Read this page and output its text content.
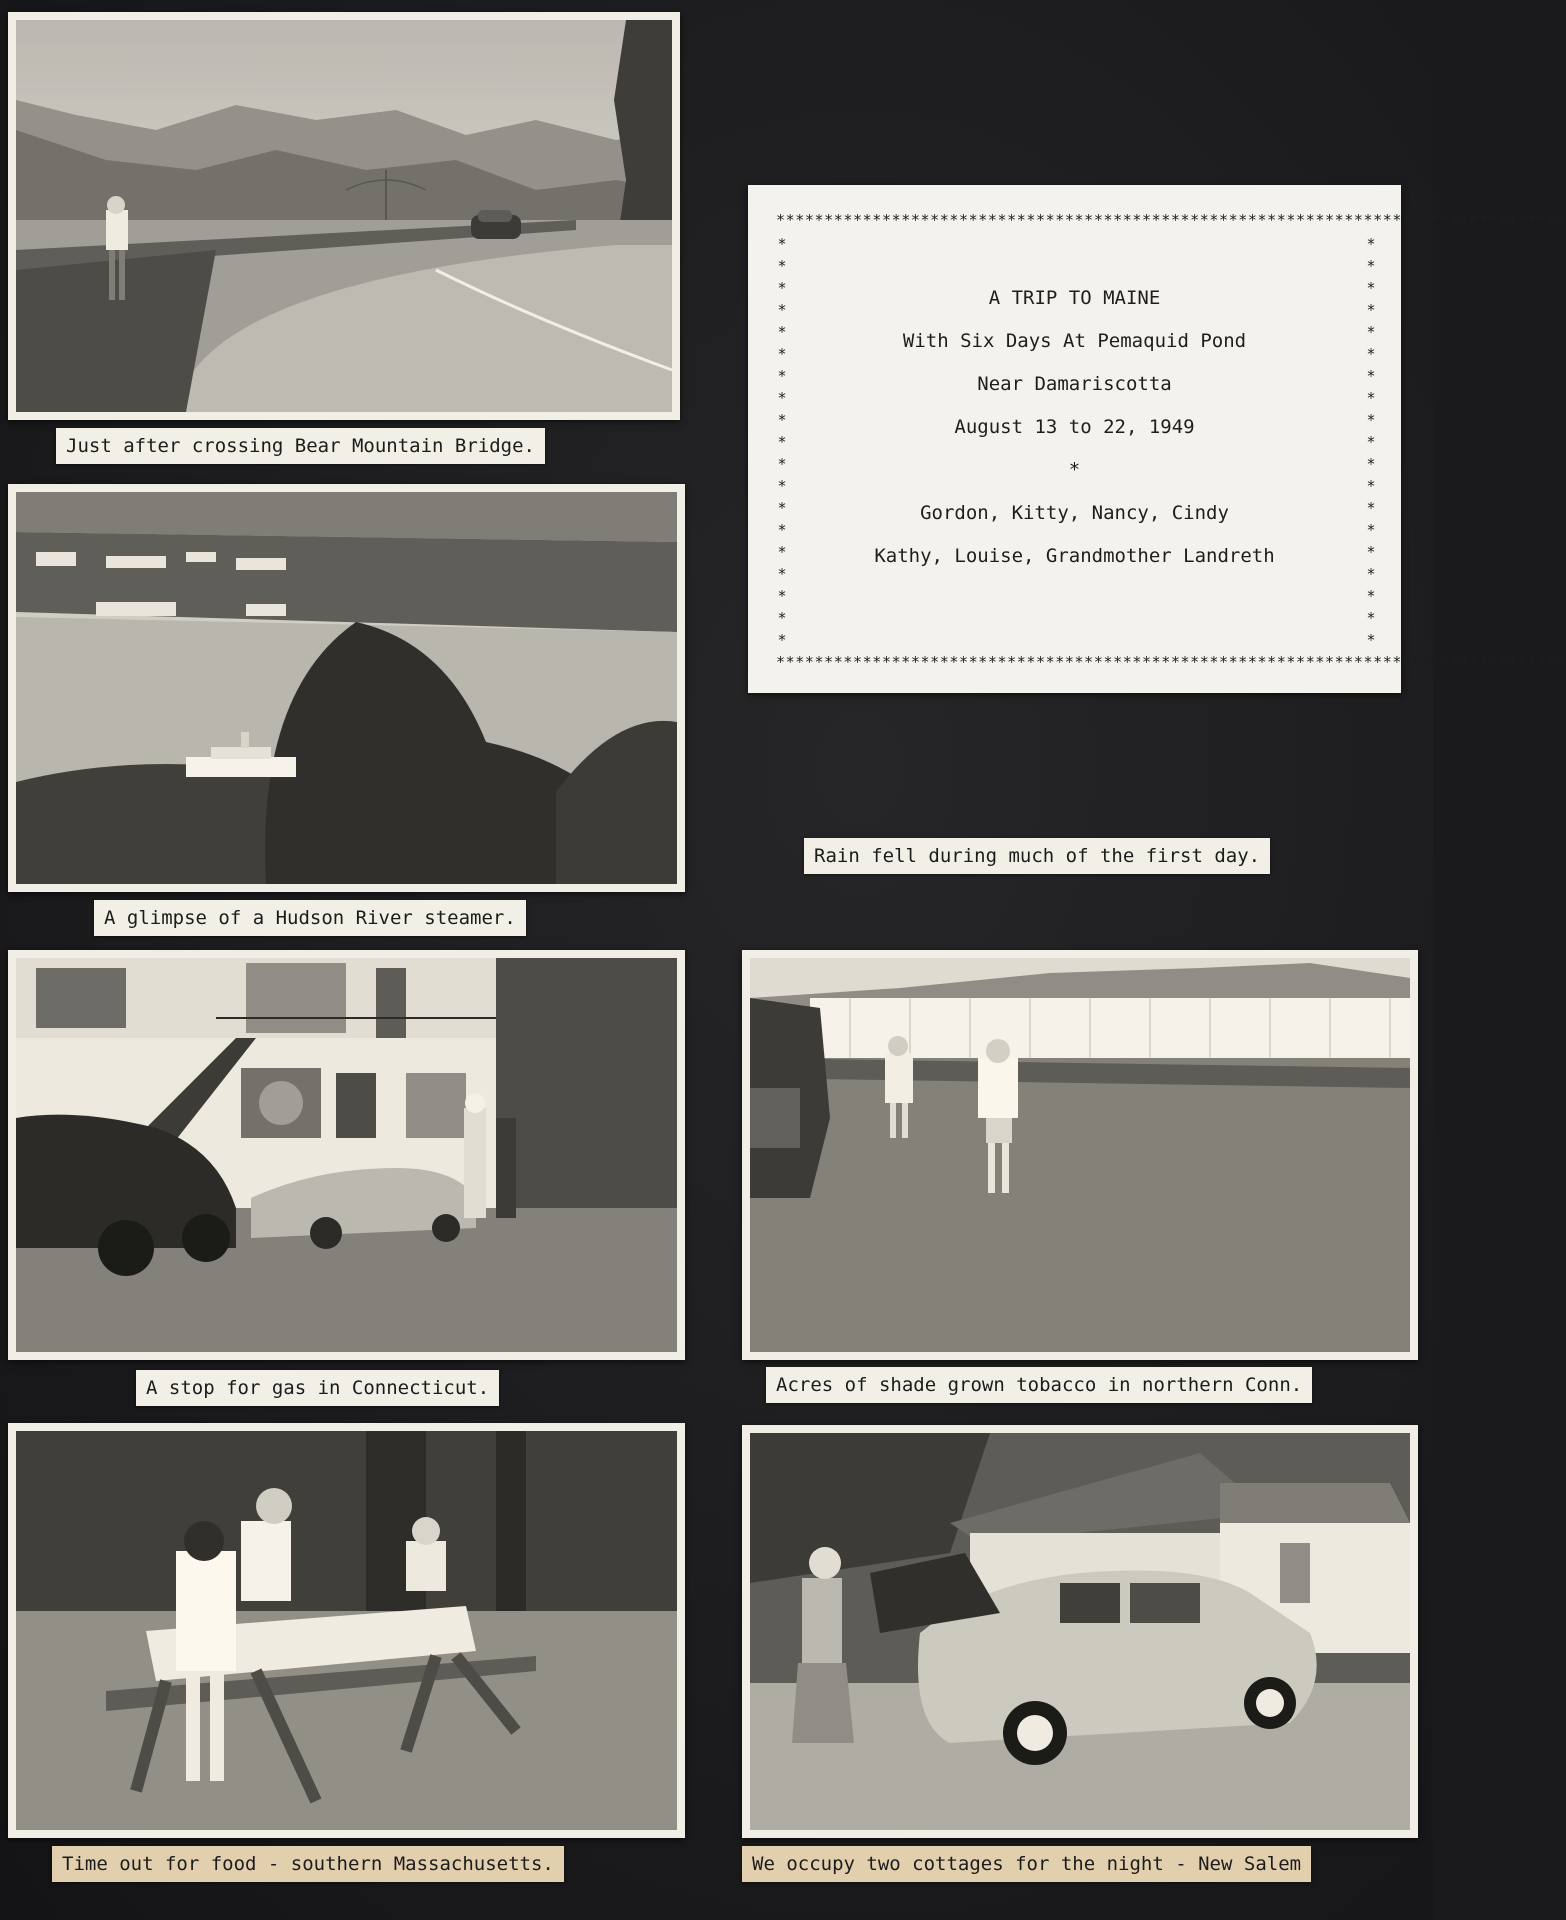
Just after crossing Bear Mountain Bridge.
**********************************************************************************
**********************************************************************************
*
*
*
*
*
*
*
*
*
*
*
*
*
*
*
*
*
*
*
*
*
*
*
*
*
*
*
*
*
*
*
*
*
*
*
*
*
*
A TRIP TO MAINE
With Six Days At Pemaquid Pond
Near Damariscotta
August 13 to 22, 1949
*
Gordon, Kitty, Nancy, Cindy
Kathy, Louise, Grandmother Landreth
A glimpse of a Hudson River steamer.
Rain fell during much of the first day.
A stop for gas in Connecticut.	Acres of shade grown tobacco in northern Conn.
Time out for food - southern Massachusetts.	We occupy two cottages for the night - New Salem
